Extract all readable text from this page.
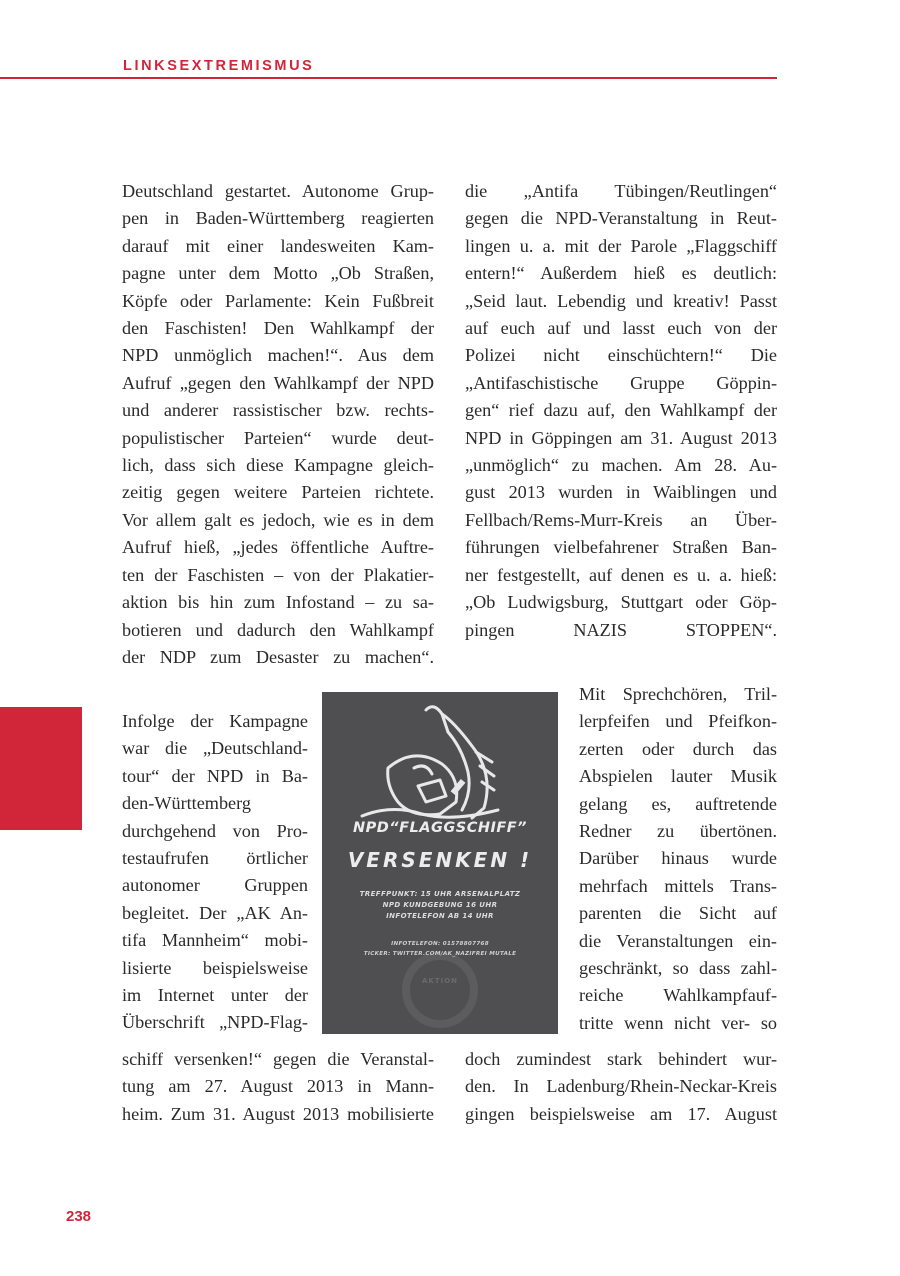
LINKSEXTREMISMUS

Deutschland gestartet. Autonome Grup-
pen in Baden-Württemberg reagierten
darauf mit einer landesweiten Kam-
pagne unter dem Motto „Ob Straßen,
Köpfe oder Parlamente: Kein Fußbreit
den Faschisten! Den Wahlkampf der
NPD unmöglich machen!“. Aus dem
Aufruf „gegen den Wahlkampf der NPD
und anderer rassistischer bzw. rechts-
populistischer Parteien“ wurde deut-
lich, dass sich diese Kampagne gleich-
zeitig gegen weitere Parteien richtete.
Vor allem galt es jedoch, wie es in dem
Aufruf hieß, „jedes öffentliche Auftre-
ten der Faschisten – von der Plakatier-
aktion bis hin zum Infostand – zu sa-
botieren und dadurch den Wahlkampf
der NDP zum Desaster zu machen“.

die „Antifa Tübingen/Reutlingen“
gegen die NPD-Veranstaltung in Reut-
lingen u. a. mit der Parole „Flaggschiff
entern!“ Außerdem hieß es deutlich:
„Seid laut. Lebendig und kreativ! Passt
auf euch auf und lasst euch von der
Polizei nicht einschüchtern!“ Die
„Antifaschistische Gruppe Göppin-
gen“ rief dazu auf, den Wahlkampf der
NPD in Göppingen am 31. August 2013
„unmöglich“ zu machen. Am 28. Au-
gust 2013 wurden in Waiblingen und
Fellbach/Rems-Murr-Kreis an Über-
führungen vielbefahrener Straßen Ban-
ner festgestellt, auf denen es u. a. hieß:
„Ob Ludwigsburg, Stuttgart oder Göp-
pingen NAZIS STOPPEN“.

Infolge der Kampagne
war die „Deutschland-
tour“ der NPD in Ba-
den-Württemberg
durchgehend von Pro-
testaufrufen örtlicher
autonomer Gruppen
begleitet. Der „AK An-
tifa Mannheim“ mobi-
lisierte beispielsweise
im Internet unter der
Überschrift „NPD-Flag-

schiff versenken!“ gegen die Veranstal-
tung am 27. August 2013 in Mann-
heim. Zum 31. August 2013 mobilisierte

Mit Sprechchören, Tril-
lerpfeifen und Pfeifkon-
zerten oder durch das
Abspielen lauter Musik
gelang es, auftretende
Redner zu übertönen.
Darüber hinaus wurde
mehrfach mittels Trans-
parenten die Sicht auf
die Veranstaltungen ein-
geschränkt, so dass zahl-
reiche Wahlkampfauf-
tritte wenn nicht ver- so

doch zumindest stark behindert wur-
den. In Ladenburg/Rhein-Neckar-Kreis
gingen beispielsweise am 17. August

NPD“FLAGGSCHIFF”
VERSENKEN !
TREFFPUNKT: 15 UHR ARSENALPLATZ
NPD KUNDGEBUNG 16 UHR
INFOTELEFON AB 14 UHR
INFOTELEFON: 01578807768
TICKER: TWITTER.COM/AK_NAZIFREI MUTALE
AKTION
238
